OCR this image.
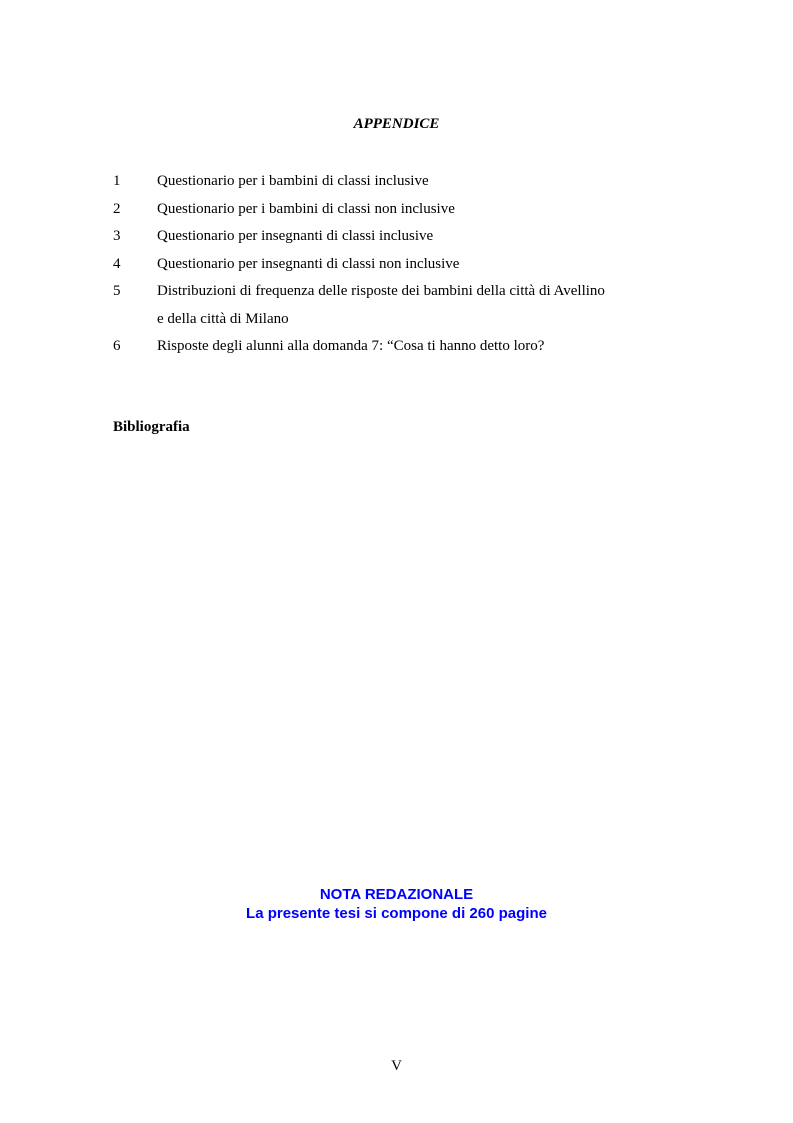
APPENDICE
1	Questionario per i bambini di classi inclusive
2	Questionario per i bambini di classi non inclusive
3	Questionario per insegnanti di classi inclusive
4	Questionario per insegnanti di classi non inclusive
5	Distribuzioni di frequenza delle risposte dei bambini della città di Avellino
e della città di Milano
6	Risposte degli alunni alla domanda 7: “Cosa ti hanno detto loro?
Bibliografia
NOTA REDAZIONALE
La presente tesi si compone di 260 pagine
V
